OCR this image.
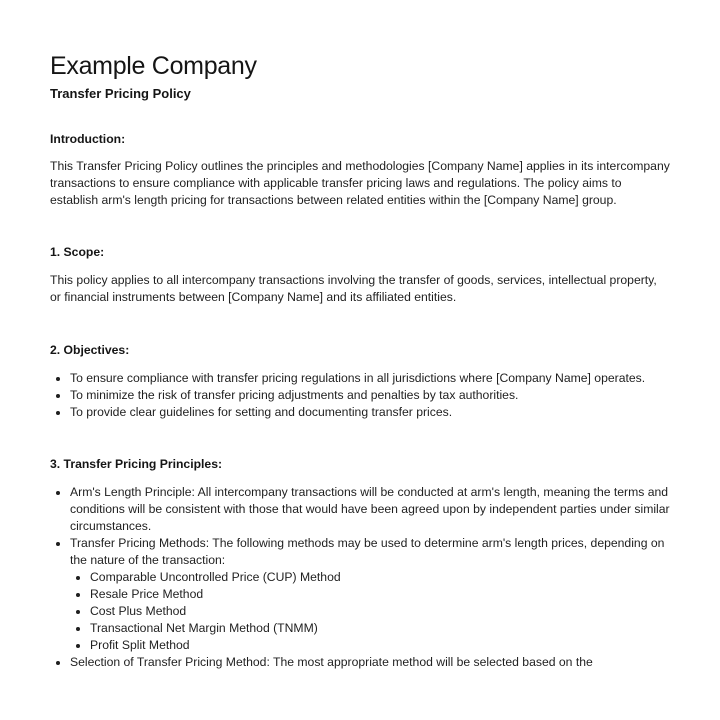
Example Company
Transfer Pricing Policy
Introduction:

This Transfer Pricing Policy outlines the principles and methodologies [Company Name] applies in its intercompany transactions to ensure compliance with applicable transfer pricing laws and regulations. The policy aims to establish arm's length pricing for transactions between related entities within the [Company Name] group.

1. Scope:

This policy applies to all intercompany transactions involving the transfer of goods, services, intellectual property, or financial instruments between [Company Name] and its affiliated entities.

2. Objectives:
To ensure compliance with transfer pricing regulations in all jurisdictions where [Company Name] operates.
To minimize the risk of transfer pricing adjustments and penalties by tax authorities.
To provide clear guidelines for setting and documenting transfer prices.
3. Transfer Pricing Principles:
Arm's Length Principle: All intercompany transactions will be conducted at arm's length, meaning the terms and conditions will be consistent with those that would have been agreed upon by independent parties under similar circumstances.
Transfer Pricing Methods: The following methods may be used to determine arm's length prices, depending on the nature of the transaction:
Comparable Uncontrolled Price (CUP) Method
Resale Price Method
Cost Plus Method
Transactional Net Margin Method (TNMM)
Profit Split Method
Selection of Transfer Pricing Method: The most appropriate method will be selected based on the
